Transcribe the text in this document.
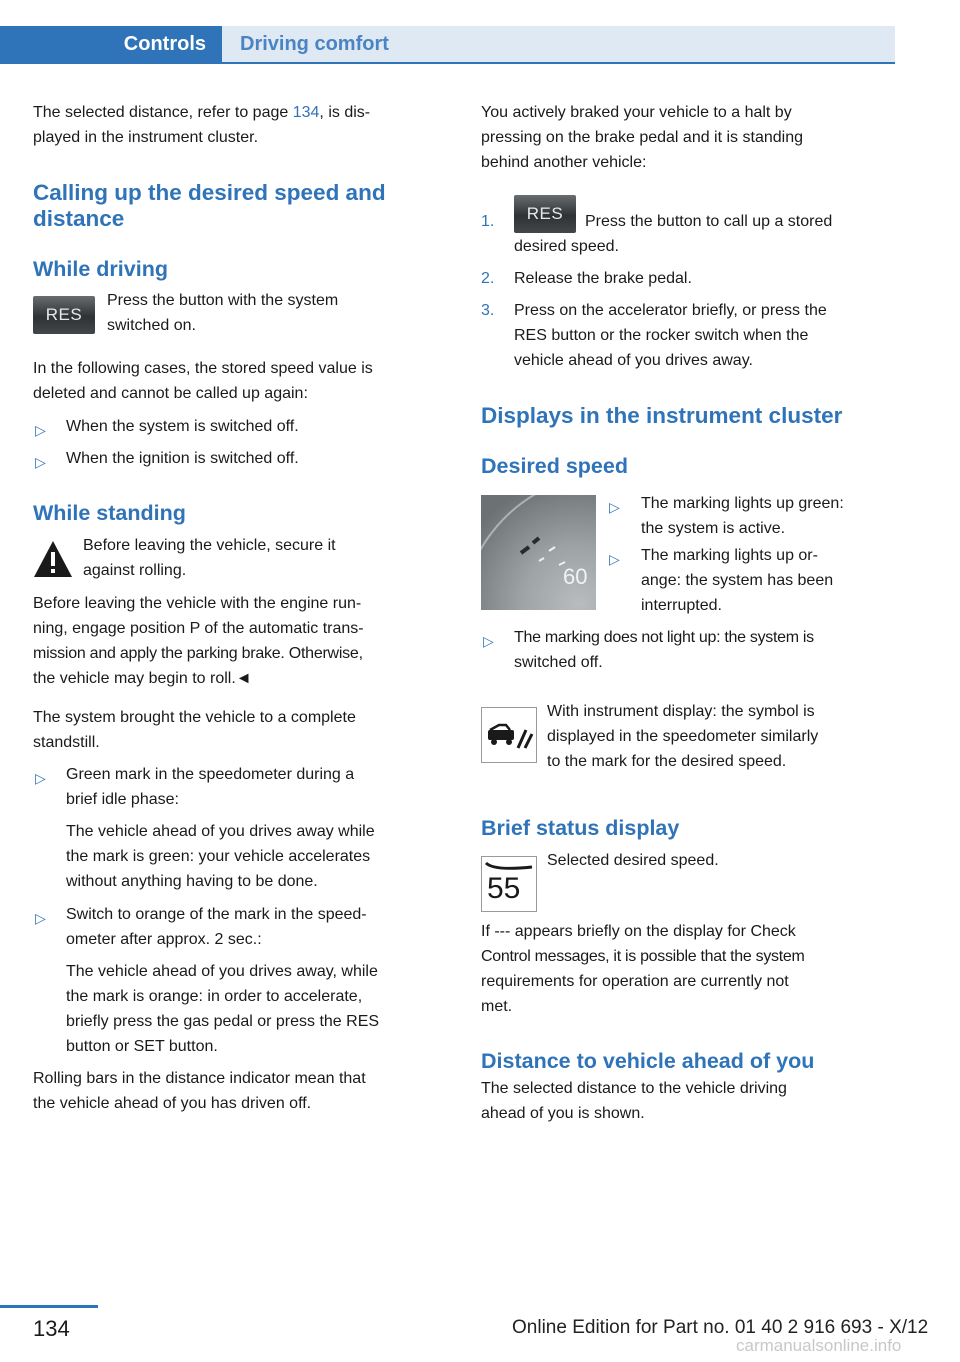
Controls	Driving comfort

The selected distance, refer to page 134, is dis-

played in the instrument cluster.

Calling up the desired speed and
distance
While driving
RES

Press the button with the system

switched on.

In the following cases, the stored speed value is

deleted and cannot be called up again:

▷	When the system is switched off.

▷	When the ignition is switched off.

While standing

Before leaving the vehicle, secure it

against rolling.

Before leaving the vehicle with the engine run-

ning, engage position P of the automatic trans-

mission and apply the parking brake. Otherwise,

the vehicle may begin to roll.◄

The system brought the vehicle to a complete

standstill.

▷	Green mark in the speedometer during a

brief idle phase:

The vehicle ahead of you drives away while

the mark is green: your vehicle accelerates

without anything having to be done.

▷	Switch to orange of the mark in the speed-

ometer after approx. 2 sec.:

The vehicle ahead of you drives away, while

the mark is orange: in order to accelerate,

briefly press the gas pedal or press the RES

button or SET button.

Rolling bars in the distance indicator mean that

the vehicle ahead of you has driven off.

You actively braked your vehicle to a halt by

pressing on the brake pedal and it is standing

behind another vehicle:

1.	RES	Press the button to call up a stored

desired speed.

2. Release the brake pedal.

3. Press on the accelerator briefly, or press the

RES button or the rocker switch when the

vehicle ahead of you drives away.

Displays in the instrument cluster
Desired speed
60
▷	The marking lights up green:

the system is active.

▷	The marking lights up or-

ange: the system has been

interrupted.

▷	The marking does not light up: the system is

switched off.

With instrument display: the symbol is

displayed in the speedometer similarly

to the mark for the desired speed.

Brief status display
55

Selected desired speed.

If --- appears briefly on the display for Check

Control messages, it is possible that the system

requirements for operation are currently not

met.

Distance to vehicle ahead of you

The selected distance to the vehicle driving

ahead of you is shown.

134	Online Edition for Part no. 01 40 2 916 693 - X/12
carmanualsonline.info
